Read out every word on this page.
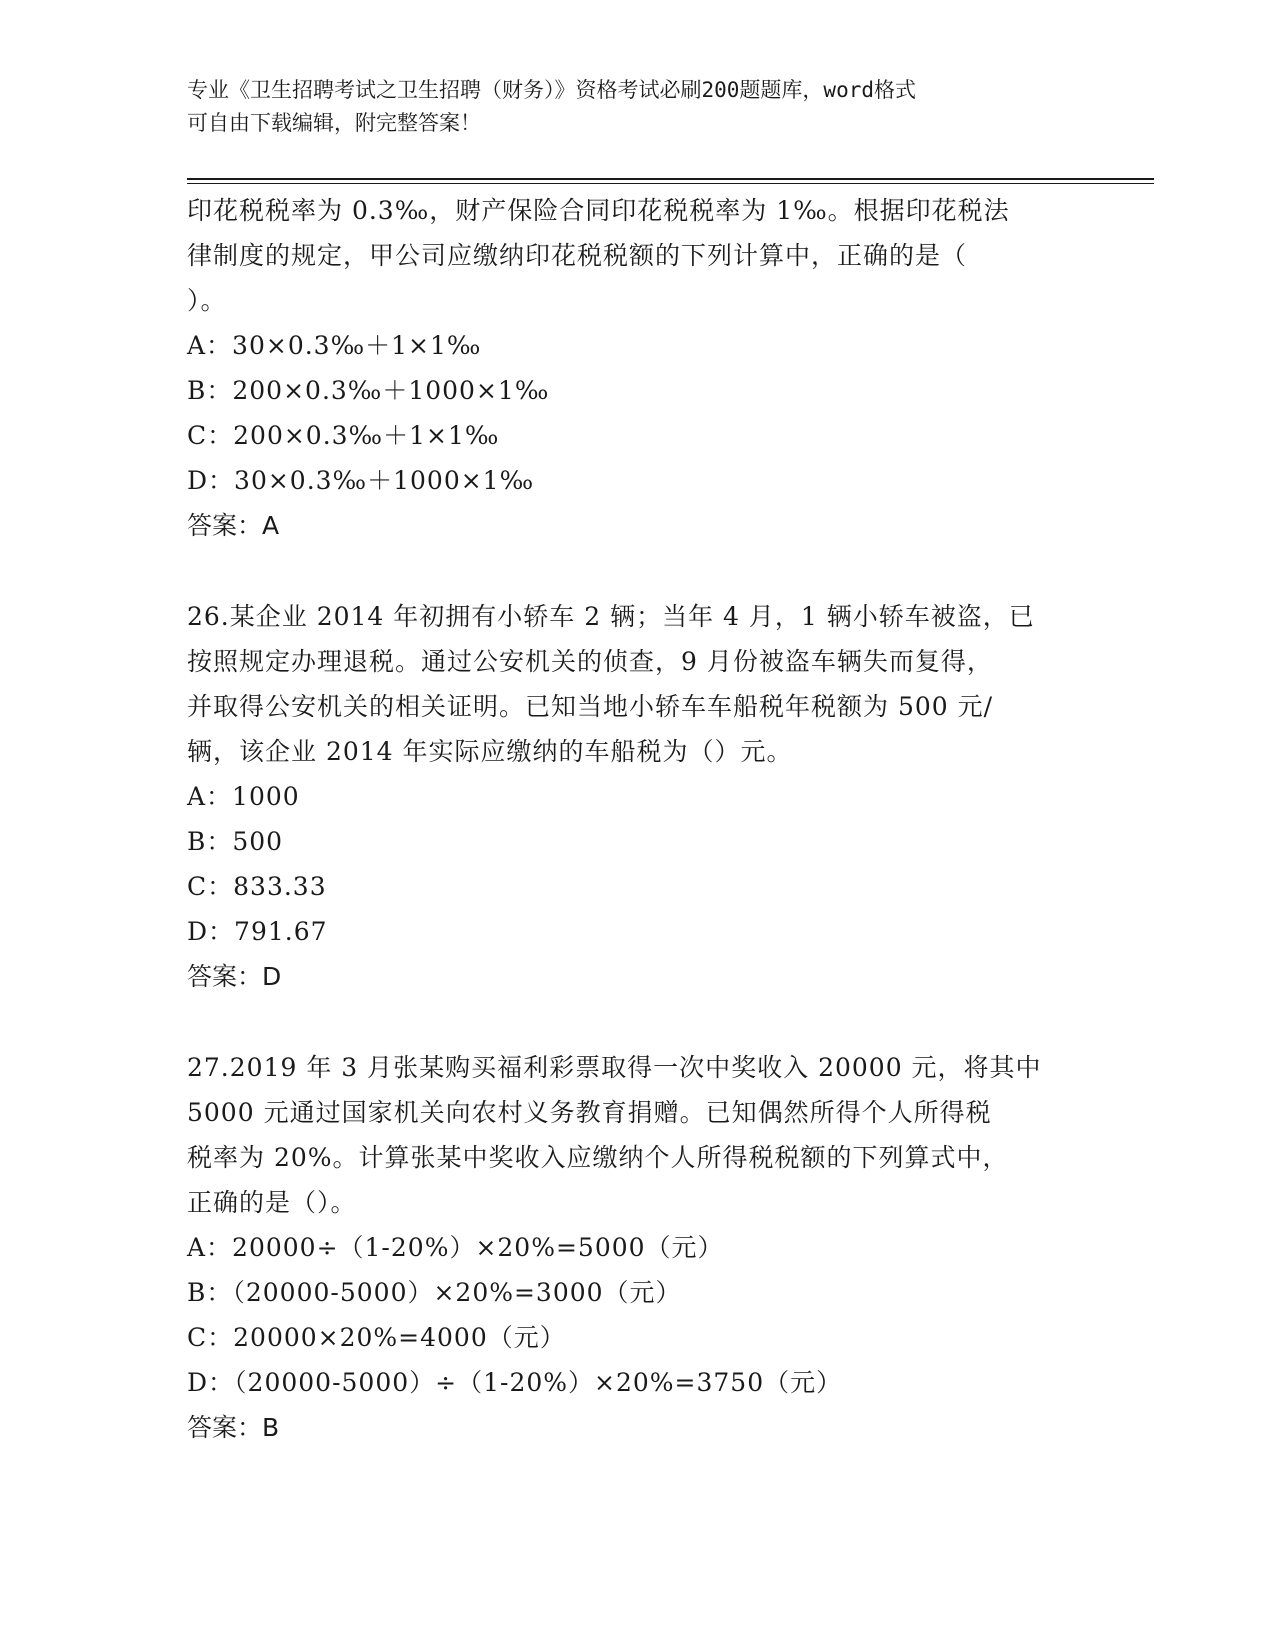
专业《卫生招聘考试之卫生招聘（财务）》资格考试必刷200题题库，word格式
可自由下载编辑，附完整答案！
印花税税率为 0.3‰，财产保险合同印花税税率为 1‰。根据印花税法
律制度的规定，甲公司应缴纳印花税税额的下列计算中，正确的是（
）。
A：30×0.3‰＋1×1‰
B：200×0.3‰＋1000×1‰
C：200×0.3‰＋1×1‰
D：30×0.3‰＋1000×1‰
答案：A
26.某企业 2014 年初拥有小轿车 2 辆；当年 4 月，1 辆小轿车被盗，已
按照规定办理退税。通过公安机关的侦查，9 月份被盗车辆失而复得，
并取得公安机关的相关证明。已知当地小轿车车船税年税额为 500 元/
辆，该企业 2014 年实际应缴纳的车船税为（）元。
A：1000
B：500
C：833.33
D：791.67
答案：D
27.2019 年 3 月张某购买福利彩票取得一次中奖收入 20000 元，将其中
5000 元通过国家机关向农村义务教育捐赠。已知偶然所得个人所得税
税率为 20%。计算张某中奖收入应缴纳个人所得税税额的下列算式中，
正确的是（）。
A：20000÷（1-20%）×20%=5000（元）
B：（20000-5000）×20%=3000（元）
C：20000×20%=4000（元）
D：（20000-5000）÷（1-20%）×20%=3750（元）
答案：B
